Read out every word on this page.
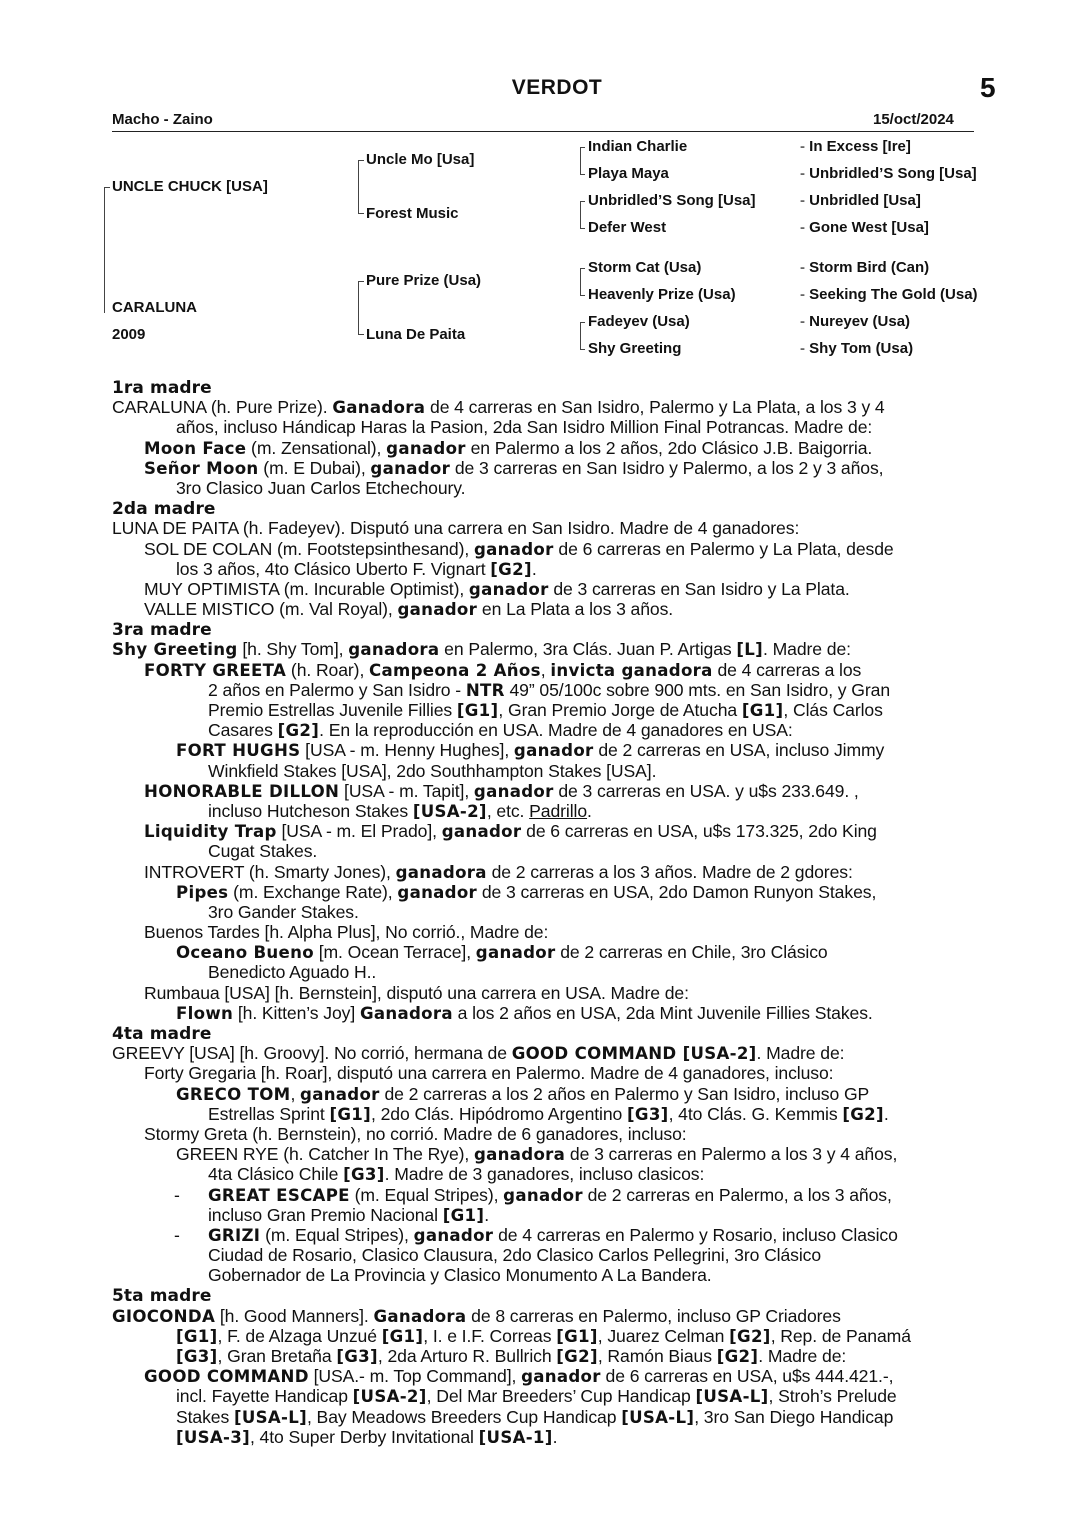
VERDOT	5
Macho - Zaino	15/oct/2024
UNCLE CHUCK [USA]
CARALUNA
2009
Uncle Mo [Usa]
Forest Music
Pure Prize (Usa)
Luna De Paita
Indian Charlie
Playa Maya
Unbridled’S Song [Usa]
Defer West
Storm Cat (Usa)
Heavenly Prize (Usa)
Fadeyev (Usa)
Shy Greeting
- In Excess [Ire]
- Unbridled’S Song [Usa]
- Unbridled [Usa]
- Gone West [Usa]
- Storm Bird (Can)
- Seeking The Gold (Usa)
- Nureyev (Usa)
- Shy Tom (Usa)
1ra madre
CARALUNA (h. Pure Prize). Ganadora de 4 carreras en San Isidro, Palermo y La Plata, a los 3 y 4
años, incluso Hándicap Haras la Pasion, 2da San Isidro Million Final Potrancas. Madre de:
Moon Face (m. Zensational), ganador en Palermo a los 2 años, 2do Clásico J.B. Baigorria.
Señor Moon (m. E Dubai), ganador de 3 carreras en San Isidro y Palermo, a los 2 y 3 años,
3ro Clasico Juan Carlos Etchechoury.
2da madre
LUNA DE PAITA (h. Fadeyev). Disputó una carrera en San Isidro. Madre de 4 ganadores:
SOL DE COLAN (m. Footstepsinthesand), ganador de 6 carreras en Palermo y La Plata, desde
los 3 años, 4to Clásico Uberto F. Vignart [G2].
MUY OPTIMISTA (m. Incurable Optimist), ganador de 3 carreras en San Isidro y La Plata.
VALLE MISTICO (m. Val Royal), ganador en La Plata a los 3 años.
3ra madre
Shy Greeting [h. Shy Tom], ganadora en Palermo, 3ra Clás. Juan P. Artigas [L]. Madre de:
FORTY GREETA (h. Roar), Campeona 2 Años, invicta ganadora de 4 carreras a los
2 años en Palermo y San Isidro - NTR 49” 05/100c sobre 900 mts. en San Isidro, y Gran
Premio Estrellas Juvenile Fillies [G1], Gran Premio Jorge de Atucha [G1], Clás Carlos
Casares [G2]. En la reproducción en USA. Madre de 4 ganadores en USA:
FORT HUGHS [USA - m. Henny Hughes], ganador de 2 carreras en USA, incluso Jimmy
Winkfield Stakes [USA], 2do Southhampton Stakes [USA].
HONORABLE DILLON [USA - m. Tapit], ganador de 3 carreras en USA. y u$s 233.649. ,
incluso Hutcheson Stakes [USA-2], etc. Padrillo.
Liquidity Trap [USA - m. El Prado], ganador de 6 carreras en USA, u$s 173.325, 2do King
Cugat Stakes.
INTROVERT (h. Smarty Jones), ganadora de 2 carreras a los 3 años. Madre de 2 gdores:
Pipes (m. Exchange Rate), ganador de 3 carreras en USA, 2do Damon Runyon Stakes,
3ro Gander Stakes.
Buenos Tardes [h. Alpha Plus], No corrió., Madre de:
Oceano Bueno [m. Ocean Terrace], ganador de 2 carreras en Chile, 3ro Clásico
Benedicto Aguado H..
Rumbaua [USA] [h. Bernstein], disputó una carrera en USA. Madre de:
Flown [h. Kitten’s Joy] Ganadora a los 2 años en USA, 2da Mint Juvenile Fillies Stakes.
4ta madre
GREEVY [USA] [h. Groovy]. No corrió, hermana de GOOD COMMAND [USA-2]. Madre de:
Forty Gregaria [h. Roar], disputó una carrera en Palermo. Madre de 4 ganadores, incluso:
GRECO TOM, ganador de 2 carreras a los 2 años en Palermo y San Isidro, incluso GP
Estrellas Sprint [G1], 2do Clás. Hipódromo Argentino [G3], 4to Clás. G. Kemmis [G2].
Stormy Greta (h. Bernstein), no corrió. Madre de 6 ganadores, incluso:
GREEN RYE (h. Catcher In The Rye), ganadora de 3 carreras en Palermo a los 3 y 4 años,
4ta Clásico Chile [G3]. Madre de 3 ganadores, incluso clasicos:
- GREAT ESCAPE (m. Equal Stripes), ganador de 2 carreras en Palermo, a los 3 años,
incluso Gran Premio Nacional [G1].
- GRIZI (m. Equal Stripes), ganador de 4 carreras en Palermo y Rosario, incluso Clasico
Ciudad de Rosario, Clasico Clausura, 2do Clasico Carlos Pellegrini, 3ro Clásico
Gobernador de La Provincia y Clasico Monumento A La Bandera.
5ta madre
GIOCONDA [h. Good Manners]. Ganadora de 8 carreras en Palermo, incluso GP Criadores
[G1], F. de Alzaga Unzué [G1], I. e I.F. Correas [G1], Juarez Celman [G2], Rep. de Panamá
[G3], Gran Bretaña [G3], 2da Arturo R. Bullrich [G2], Ramón Biaus [G2]. Madre de:
GOOD COMMAND [USA.- m. Top Command], ganador de 6 carreras en USA, u$s 444.421.-,
incl. Fayette Handicap [USA-2], Del Mar Breeders’ Cup Handicap [USA-L], Stroh’s Prelude
Stakes [USA-L], Bay Meadows Breeders Cup Handicap [USA-L], 3ro San Diego Handicap
[USA-3], 4to Super Derby Invitational [USA-1].
